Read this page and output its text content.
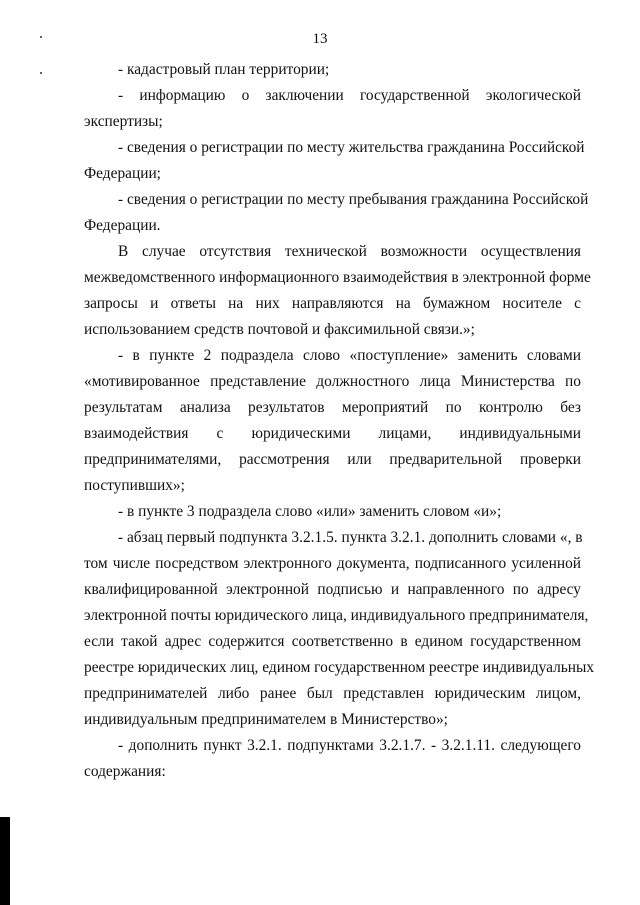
13
- кадастровый план территории;
- информацию о заключении государственной экологической
экспертизы;
- сведения о регистрации по месту жительства гражданина Российской
Федерации;
- сведения о регистрации по месту пребывания гражданина Российской
Федерации.
В случае отсутствия технической возможности осуществления
межведомственного информационного взаимодействия в электронной форме
запросы и ответы на них направляются на бумажном носителе с
использованием средств почтовой и факсимильной связи.»;
- в пункте 2 подраздела слово «поступление» заменить словами
«мотивированное представление должностного лица Министерства по
результатам анализа результатов мероприятий по контролю без
взаимодействия с юридическими лицами, индивидуальными
предпринимателями, рассмотрения или предварительной проверки
поступивших»;
- в пункте 3 подраздела слово «или» заменить словом «и»;
- абзац первый подпункта 3.2.1.5. пункта 3.2.1. дополнить словами «, в
том числе посредством электронного документа, подписанного усиленной
квалифицированной электронной подписью и направленного по адресу
электронной почты юридического лица, индивидуального предпринимателя,
если такой адрес содержится соответственно в едином государственном
реестре юридических лиц, едином государственном реестре индивидуальных
предпринимателей либо ранее был представлен юридическим лицом,
индивидуальным предпринимателем в Министерство»;
- дополнить пункт 3.2.1. подпунктами 3.2.1.7. - 3.2.1.11. следующего
содержания:
